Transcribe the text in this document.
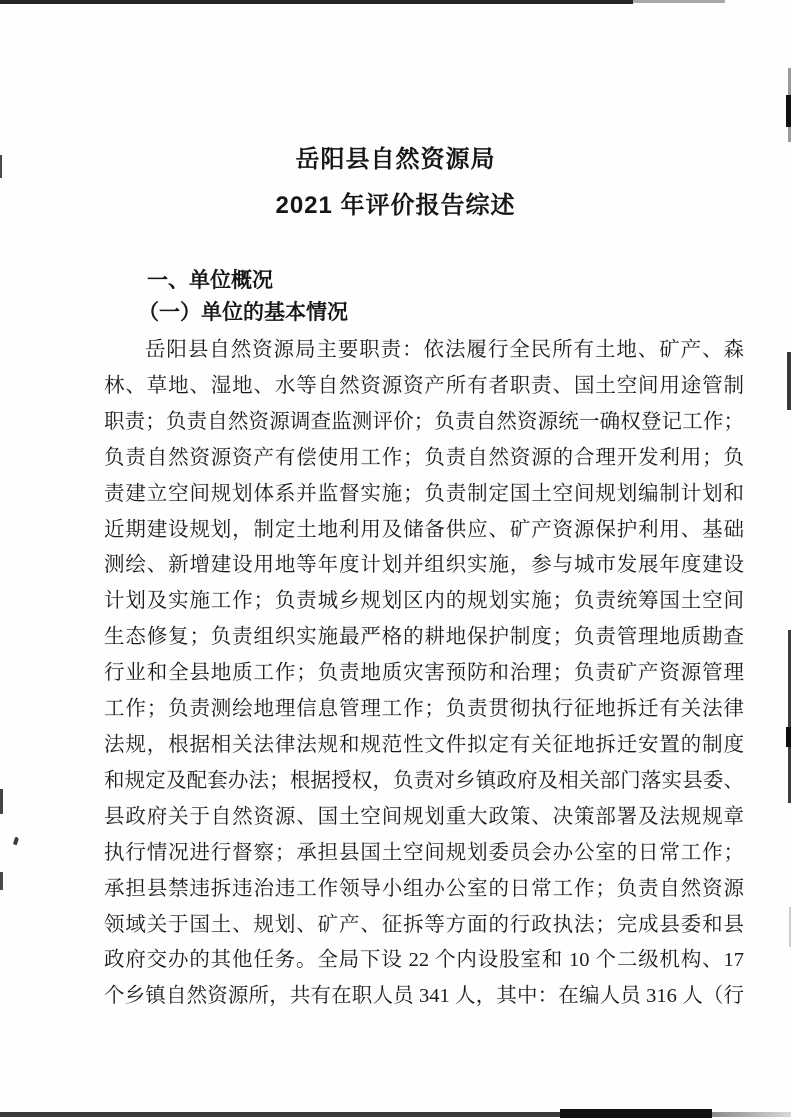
岳阳县自然资源局
2021 年评价报告综述
一、单位概况
（一）单位的基本情况
岳阳县自然资源局主要职责：依法履行全民所有土地、矿产、森
林、草地、湿地、水等自然资源资产所有者职责、国土空间用途管制
职责；负责自然资源调查监测评价；负责自然资源统一确权登记工作；
负责自然资源资产有偿使用工作；负责自然资源的合理开发利用；负
责建立空间规划体系并监督实施；负责制定国土空间规划编制计划和
近期建设规划，制定土地利用及储备供应、矿产资源保护利用、基础
测绘、新增建设用地等年度计划并组织实施，参与城市发展年度建设
计划及实施工作；负责城乡规划区内的规划实施；负责统筹国土空间
生态修复；负责组织实施最严格的耕地保护制度；负责管理地质勘查
行业和全县地质工作；负责地质灾害预防和治理；负责矿产资源管理
工作；负责测绘地理信息管理工作；负责贯彻执行征地拆迁有关法律
法规，根据相关法律法规和规范性文件拟定有关征地拆迁安置的制度
和规定及配套办法；根据授权，负责对乡镇政府及相关部门落实县委、
县政府关于自然资源、国土空间规划重大政策、决策部署及法规规章
执行情况进行督察；承担县国土空间规划委员会办公室的日常工作；
承担县禁违拆违治违工作领导小组办公室的日常工作；负责自然资源
领域关于国土、规划、矿产、征拆等方面的行政执法；完成县委和县
政府交办的其他任务。全局下设 22 个内设股室和 10 个二级机构、17
个乡镇自然资源所，共有在职人员 341 人，其中：在编人员 316 人（行
